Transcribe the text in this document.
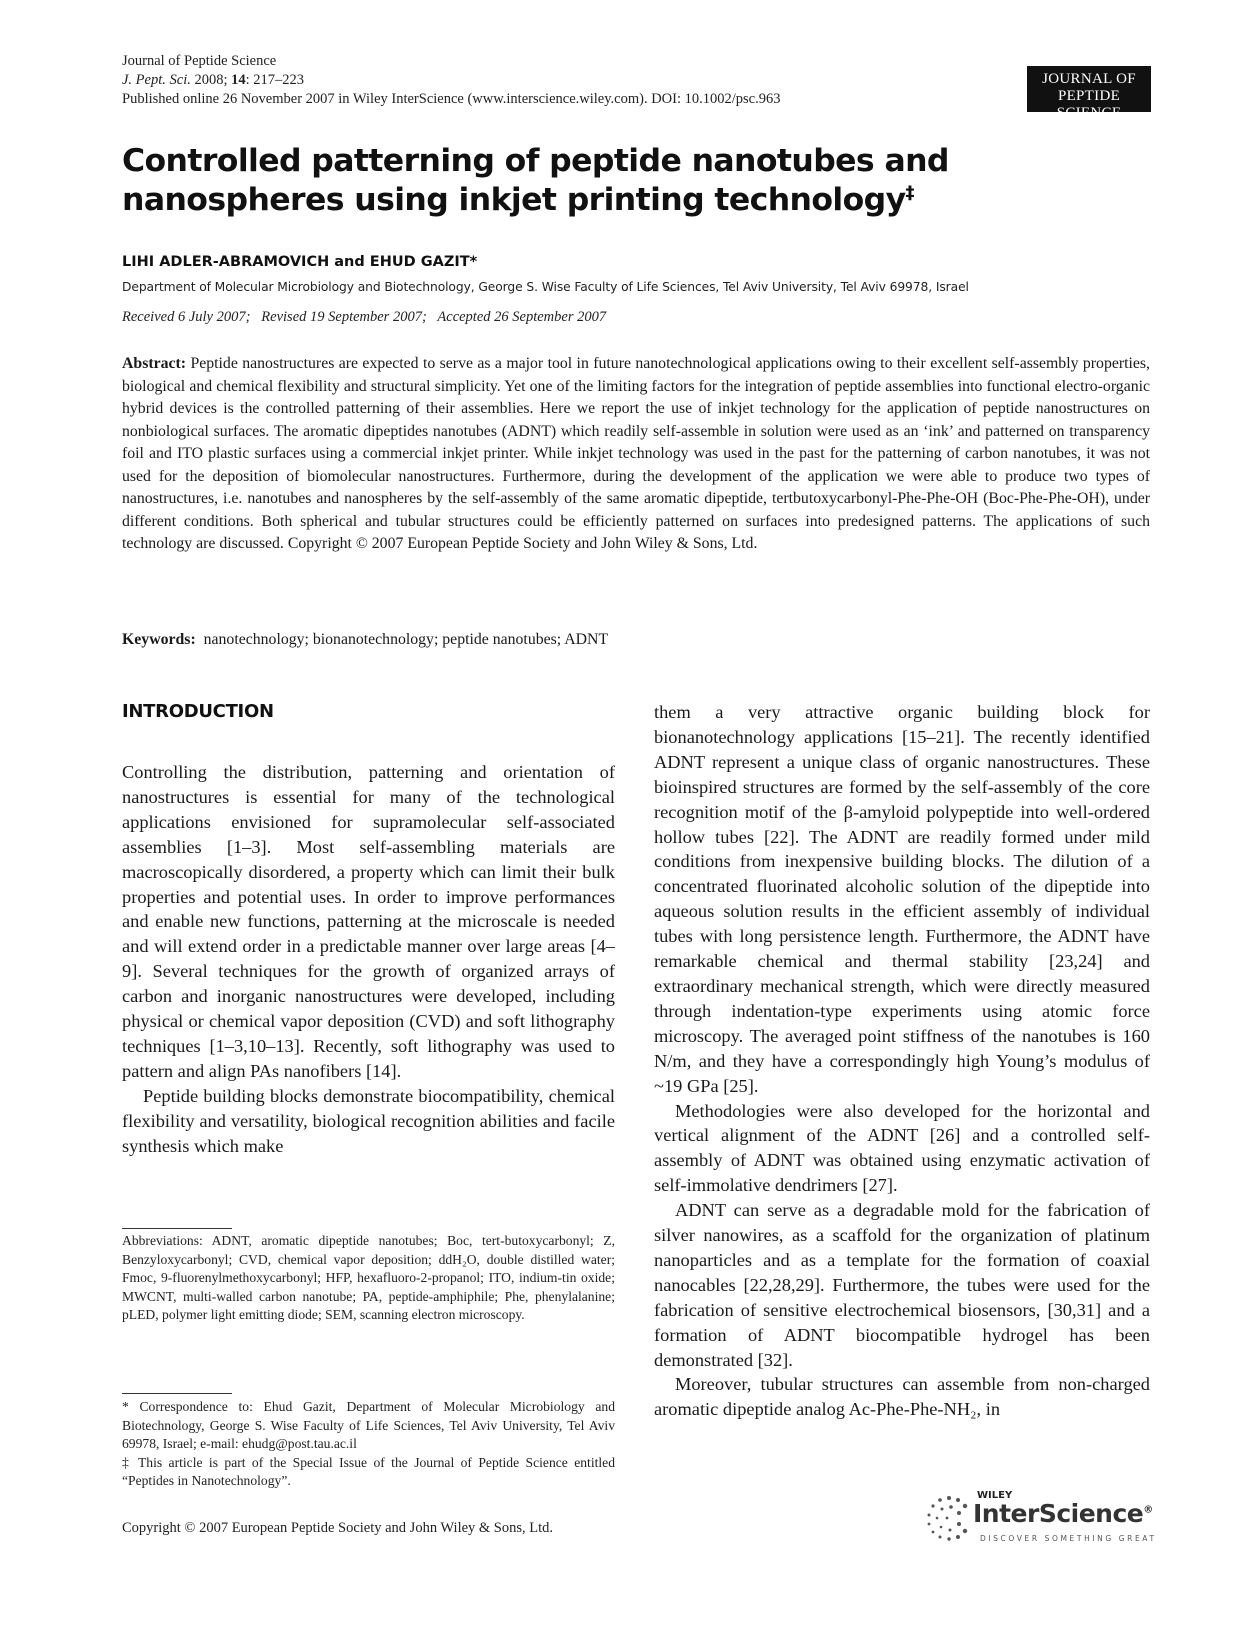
Journal of Peptide Science
J. Pept. Sci. 2008; 14: 217–223
Published online 26 November 2007 in Wiley InterScience (www.interscience.wiley.com). DOI: 10.1002/psc.963
JOURNAL OF
PEPTIDE SCIENCE
Controlled patterning of peptide nanotubes and nanospheres using inkjet printing technology‡
LIHI ADLER-ABRAMOVICH and EHUD GAZIT*
Department of Molecular Microbiology and Biotechnology, George S. Wise Faculty of Life Sciences, Tel Aviv University, Tel Aviv 69978, Israel
Received 6 July 2007;   Revised 19 September 2007;   Accepted 26 September 2007

Abstract: Peptide nanostructures are expected to serve as a major tool in future nanotechnological applications owing to their excellent self-assembly properties, biological and chemical flexibility and structural simplicity. Yet one of the limiting factors for the integration of peptide assemblies into functional electro-organic hybrid devices is the controlled patterning of their assemblies. Here we report the use of inkjet technology for the application of peptide nanostructures on nonbiological surfaces. The aromatic dipeptides nanotubes (ADNT) which readily self-assemble in solution were used as an ‘ink’ and patterned on transparency foil and ITO plastic surfaces using a commercial inkjet printer. While inkjet technology was used in the past for the patterning of carbon nanotubes, it was not used for the deposition of biomolecular nanostructures. Furthermore, during the development of the application we were able to produce two types of nanostructures, i.e. nanotubes and nanospheres by the self-assembly of the same aromatic dipeptide, tertbutoxycarbonyl-Phe-Phe-OH (Boc-Phe-Phe-OH), under different conditions. Both spherical and tubular structures could be efficiently patterned on surfaces into predesigned patterns. The applications of such technology are discussed. Copyright © 2007 European Peptide Society and John Wiley & Sons, Ltd.

Keywords: nanotechnology; bionanotechnology; peptide nanotubes; ADNT
INTRODUCTION

Controlling the distribution, patterning and orientation of nanostructures is essential for many of the technological applications envisioned for supramolecular self-associated assemblies [1–3]. Most self-assembling materials are macroscopically disordered, a property which can limit their bulk properties and potential uses. In order to improve performances and enable new functions, patterning at the microscale is needed and will extend order in a predictable manner over large areas [4–9]. Several techniques for the growth of organized arrays of carbon and inorganic nanostructures were developed, including physical or chemical vapor deposition (CVD) and soft lithography techniques [1–3,10–13]. Recently, soft lithography was used to pattern and align PAs nanofibers [14].

Peptide building blocks demonstrate biocompatibility, chemical flexibility and versatility, biological recognition abilities and facile synthesis which make

them a very attractive organic building block for bionanotechnology applications [15–21]. The recently identified ADNT represent a unique class of organic nanostructures. These bioinspired structures are formed by the self-assembly of the core recognition motif of the β-amyloid polypeptide into well-ordered hollow tubes [22]. The ADNT are readily formed under mild conditions from inexpensive building blocks. The dilution of a concentrated fluorinated alcoholic solution of the dipeptide into aqueous solution results in the efficient assembly of individual tubes with long persistence length. Furthermore, the ADNT have remarkable chemical and thermal stability [23,24] and extraordinary mechanical strength, which were directly measured through indentation-type experiments using atomic force microscopy. The averaged point stiffness of the nanotubes is 160 N/m, and they have a correspondingly high Young’s modulus of ~19 GPa [25].

Methodologies were also developed for the horizontal and vertical alignment of the ADNT [26] and a controlled self-assembly of ADNT was obtained using enzymatic activation of self-immolative dendrimers [27].

ADNT can serve as a degradable mold for the fabrication of silver nanowires, as a scaffold for the organization of platinum nanoparticles and as a template for the formation of coaxial nanocables [22,28,29]. Furthermore, the tubes were used for the fabrication of sensitive electrochemical biosensors, [30,31] and a formation of ADNT biocompatible hydrogel has been demonstrated [32].

Moreover, tubular structures can assemble from non-charged aromatic dipeptide analog Ac-Phe-Phe-NH₂, in

Abbreviations: ADNT, aromatic dipeptide nanotubes; Boc, tert-butoxycarbonyl; Z, Benzyloxycarbonyl; CVD, chemical vapor deposition; ddH₂O, double distilled water; Fmoc, 9-fluorenylmethoxycarbonyl; HFP, hexafluoro-2-propanol; ITO, indium-tin oxide; MWCNT, multi-walled carbon nanotube; PA, peptide-amphiphile; Phe, phenylalanine; pLED, polymer light emitting diode; SEM, scanning electron microscopy.

* Correspondence to: Ehud Gazit, Department of Molecular Microbiology and Biotechnology, George S. Wise Faculty of Life Sciences, Tel Aviv University, Tel Aviv 69978, Israel; e-mail: ehudg@post.tau.ac.il

‡ This article is part of the Special Issue of the Journal of Peptide Science entitled “Peptides in Nanotechnology”.

Copyright © 2007 European Peptide Society and John Wiley & Sons, Ltd.
WILEY
InterScience®
DISCOVER SOMETHING GREAT
